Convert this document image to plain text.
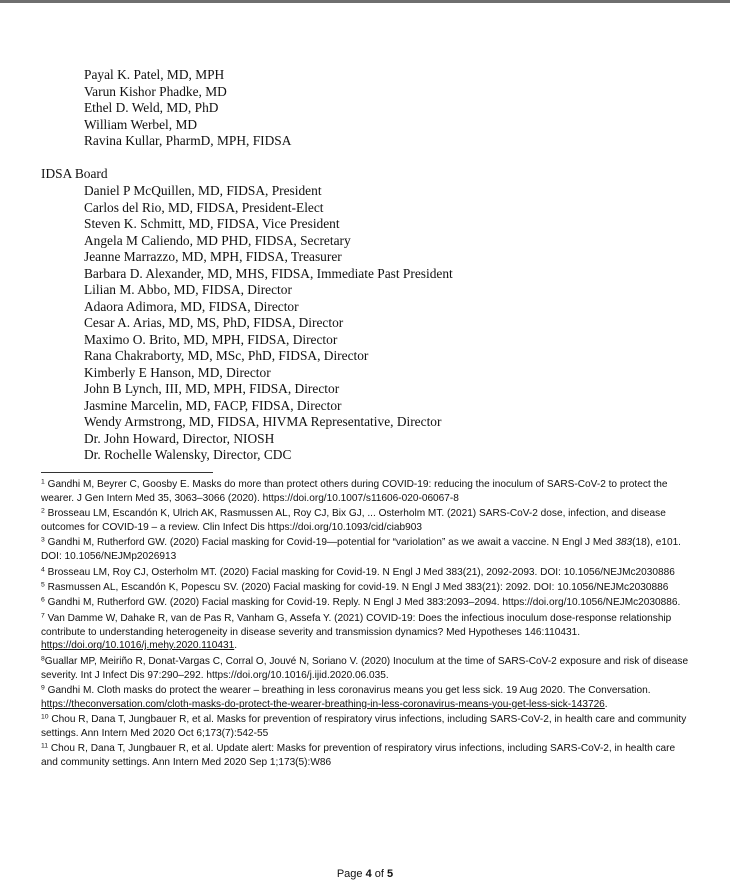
Payal K. Patel, MD, MPH
Varun Kishor Phadke, MD
Ethel D. Weld, MD, PhD
William Werbel, MD
Ravina Kullar, PharmD, MPH, FIDSA
IDSA Board
Daniel P McQuillen, MD, FIDSA, President
Carlos del Rio, MD, FIDSA, President-Elect
Steven K. Schmitt, MD, FIDSA, Vice President
Angela M Caliendo, MD PHD, FIDSA, Secretary
Jeanne Marrazzo, MD, MPH, FIDSA, Treasurer
Barbara D. Alexander, MD, MHS, FIDSA, Immediate Past President
Lilian M. Abbo, MD, FIDSA, Director
Adaora Adimora, MD, FIDSA, Director
Cesar A. Arias, MD, MS, PhD, FIDSA, Director
Maximo O. Brito, MD, MPH, FIDSA, Director
Rana Chakraborty, MD, MSc, PhD, FIDSA, Director
Kimberly E Hanson, MD, Director
John B Lynch, III, MD, MPH, FIDSA, Director
Jasmine Marcelin, MD, FACP, FIDSA, Director
Wendy Armstrong, MD, FIDSA, HIVMA Representative, Director
Dr. John Howard, Director, NIOSH
Dr. Rochelle Walensky, Director, CDC
$^1$ Gandhi M, Beyrer C, Goosby E. Masks do more than protect others during COVID-19: reducing the inoculum of SARS-CoV-2 to protect the wearer. J Gen Intern Med 35, 3063–3066 (2020). https://doi.org/10.1007/s11606-020-06067-8
$^2$ Brosseau LM, Escandón K, Ulrich AK, Rasmussen AL, Roy CJ, Bix GJ, ... Osterholm MT. (2021) SARS-CoV-2 dose, infection, and disease outcomes for COVID-19 – a review. Clin Infect Dis https://doi.org/10.1093/cid/ciab903
$^3$ Gandhi M, Rutherford GW. (2020) Facial masking for Covid-19—potential for “variolation” as we await a vaccine. N Engl J Med 383(18), e101. DOI: 10.1056/NEJMp2026913
$^4$ Brosseau LM, Roy CJ, Osterholm MT. (2020) Facial masking for Covid-19. N Engl J Med 383(21), 2092-2093. DOI: 10.1056/NEJMc2030886
$^5$ Rasmussen AL, Escandón K, Popescu SV. (2020) Facial masking for covid-19. N Engl J Med 383(21): 2092. DOI: 10.1056/NEJMc2030886
$^6$ Gandhi M, Rutherford GW. (2020) Facial masking for Covid-19. Reply. N Engl J Med 383:2093–2094. https://doi.org/10.1056/NEJMc2030886.
$^7$ Van Damme W, Dahake R, van de Pas R, Vanham G, Assefa Y. (2021) COVID-19: Does the infectious inoculum dose-response relationship contribute to understanding heterogeneity in disease severity and transmission dynamics? Med Hypotheses 146:110431. https://doi.org/10.1016/j.mehy.2020.110431.
$^8$Guallar MP, Meiriño R, Donat-Vargas C, Corral O, Jouvé N, Soriano V. (2020) Inoculum at the time of SARS-CoV-2 exposure and risk of disease severity. Int J Infect Dis 97:290–292. https://doi.org/10.1016/j.ijid.2020.06.035.
$^9$ Gandhi M. Cloth masks do protect the wearer – breathing in less coronavirus means you get less sick. 19 Aug 2020. The Conversation. https://theconversation.com/cloth-masks-do-protect-the-wearer-breathing-in-less-coronavirus-means-you-get-less-sick-143726.
$^{10}$ Chou R, Dana T, Jungbauer R, et al. Masks for prevention of respiratory virus infections, including SARS-CoV-2, in health care and community settings. Ann Intern Med 2020 Oct 6;173(7):542-55
$^{11}$ Chou R, Dana T, Jungbauer R, et al. Update alert: Masks for prevention of respiratory virus infections, including SARS-CoV-2, in health care and community settings. Ann Intern Med 2020 Sep 1;173(5):W86
Page 4 of 5
